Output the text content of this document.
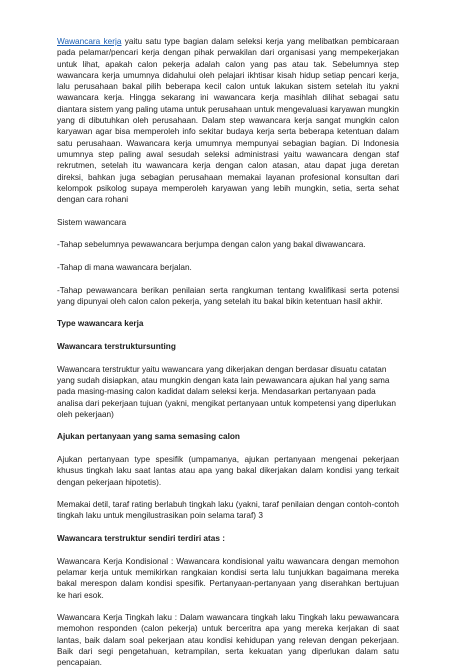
Wawancara kerja yaitu satu type bagian dalam seleksi kerja yang melibatkan pembicaraan pada pelamar/pencari kerja dengan pihak perwakilan dari organisasi yang mempekerjakan untuk lihat, apakah calon pekerja adalah calon yang pas atau tak. Sebelumnya step wawancara kerja umumnya didahului oleh pelajari ikhtisar kisah hidup setiap pencari kerja, lalu perusahaan bakal pilih beberapa kecil calon untuk lakukan sistem setelah itu yakni wawancara kerja. Hingga sekarang ini wawancara kerja masihlah dilihat sebagai satu diantara sistem yang paling utama untuk perusahaan untuk mengevaluasi karyawan mungkin yang di dibutuhkan oleh perusahaan. Dalam step wawancara kerja sangat mungkin calon karyawan agar bisa memperoleh info sekitar budaya kerja serta beberapa ketentuan dalam satu perusahaan. Wawancara kerja umumnya mempunyai sebagian bagian. Di Indonesia umumnya step paling awal sesudah seleksi administrasi yaitu wawancara dengan staf rekrutmen, setelah itu wawancara kerja dengan calon atasan, atau dapat juga deretan direksi, bahkan juga sebagian perusahaan memakai layanan profesional konsultan dari kelompok psikolog supaya memperoleh karyawan yang lebih mungkin, setia, serta sehat dengan cara rohani

Sistem wawancara

-Tahap sebelumnya pewawancara berjumpa dengan calon yang bakal diwawancara.

-Tahap di mana wawancara berjalan.

-Tahap pewawancara berikan penilaian serta rangkuman tentang kwalifikasi serta potensi yang dipunyai oleh calon calon pekerja, yang setelah itu bakal bikin ketentuan hasil akhir.

Type wawancara kerja

Wawancara terstruktursunting

Wawancara terstruktur yaitu wawancara yang dikerjakan dengan berdasar disuatu catatan yang sudah disiapkan, atau mungkin dengan kata lain pewawancara ajukan hal yang sama pada masing-masing calon kadidat dalam seleksi kerja. Mendasarkan pertanyaan pada analisa dari pekerjaan tujuan (yakni, mengikat pertanyaan untuk kompetensi yang diperlukan oleh pekerjaan)

Ajukan pertanyaan yang sama semasing calon

Ajukan pertanyaan type spesifik (umpamanya, ajukan pertanyaan mengenai pekerjaan khusus tingkah laku saat lantas atau apa yang bakal dikerjakan dalam kondisi yang terkait dengan pekerjaan hipotetis).

Memakai detil, taraf rating berlabuh tingkah laku (yakni, taraf penilaian dengan contoh-contoh tingkah laku untuk mengilustrasikan poin selama taraf) 3

Wawancara terstruktur sendiri terdiri atas :

Wawancara Kerja Kondisional : Wawancara kondisional yaitu wawancara dengan memohon pelamar kerja untuk memikirkan rangkaian kondisi serta lalu tunjukkan bagaimana mereka bakal merespon dalam kondisi spesifik. Pertanyaan-pertanyaan yang diserahkan bertujuan ke hari esok.

Wawancara Kerja Tingkah laku : Dalam wawancara tingkah laku Tingkah laku pewawancara memohon responden (calon pekerja) untuk berceritra apa yang mereka kerjakan di saat lantas, baik dalam soal pekerjaan atau kondisi kehidupan yang relevan dengan pekerjaan. Baik dari segi pengetahuan, ketrampilan, serta kekuatan yang diperlukan dalam satu pencapaian.
